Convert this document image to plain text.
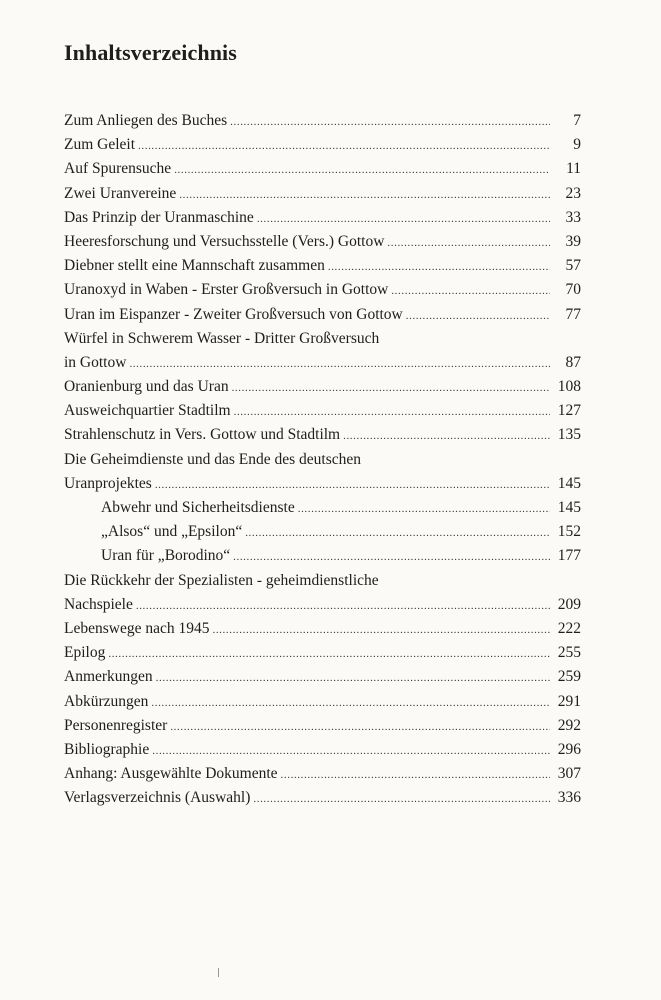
Inhaltsverzeichnis
Zum Anliegen des Buches .....	7
Zum Geleit .....	9
Auf Spurensuche .....	11
Zwei Uranvereine .....	23
Das Prinzip der Uranmaschine .....	33
Heeresforschung und Versuchsstelle (Vers.) Gottow .....	39
Diebner stellt eine Mannschaft zusammen .....	57
Uranoxyd in Waben - Erster Großversuch in Gottow .....	70
Uran im Eispanzer - Zweiter Großversuch von Gottow .....	77
Würfel in Schwerem Wasser - Dritter Großversuch
in Gottow .....	87
Oranienburg und das Uran .....	108
Ausweichquartier Stadtilm .....	127
Strahlenschutz in Vers. Gottow und Stadtilm .....	135
Die Geheimdienste und das Ende des deutschen
Uranprojektes .....	145
Abwehr und Sicherheitsdienste .....	145
„Alsos“ und „Epsilon“ .....	152
Uran für „Borodino“ .....	177
Die Rückkehr der Spezialisten - geheimdienstliche
Nachspiele .....	209
Lebenswege nach 1945 .....	222
Epilog .....	255
Anmerkungen .....	259
Abkürzungen .....	291
Personenregister .....	292
Bibliographie .....	296
Anhang: Ausgewählte Dokumente .....	307
Verlagsverzeichnis (Auswahl) .....	336
